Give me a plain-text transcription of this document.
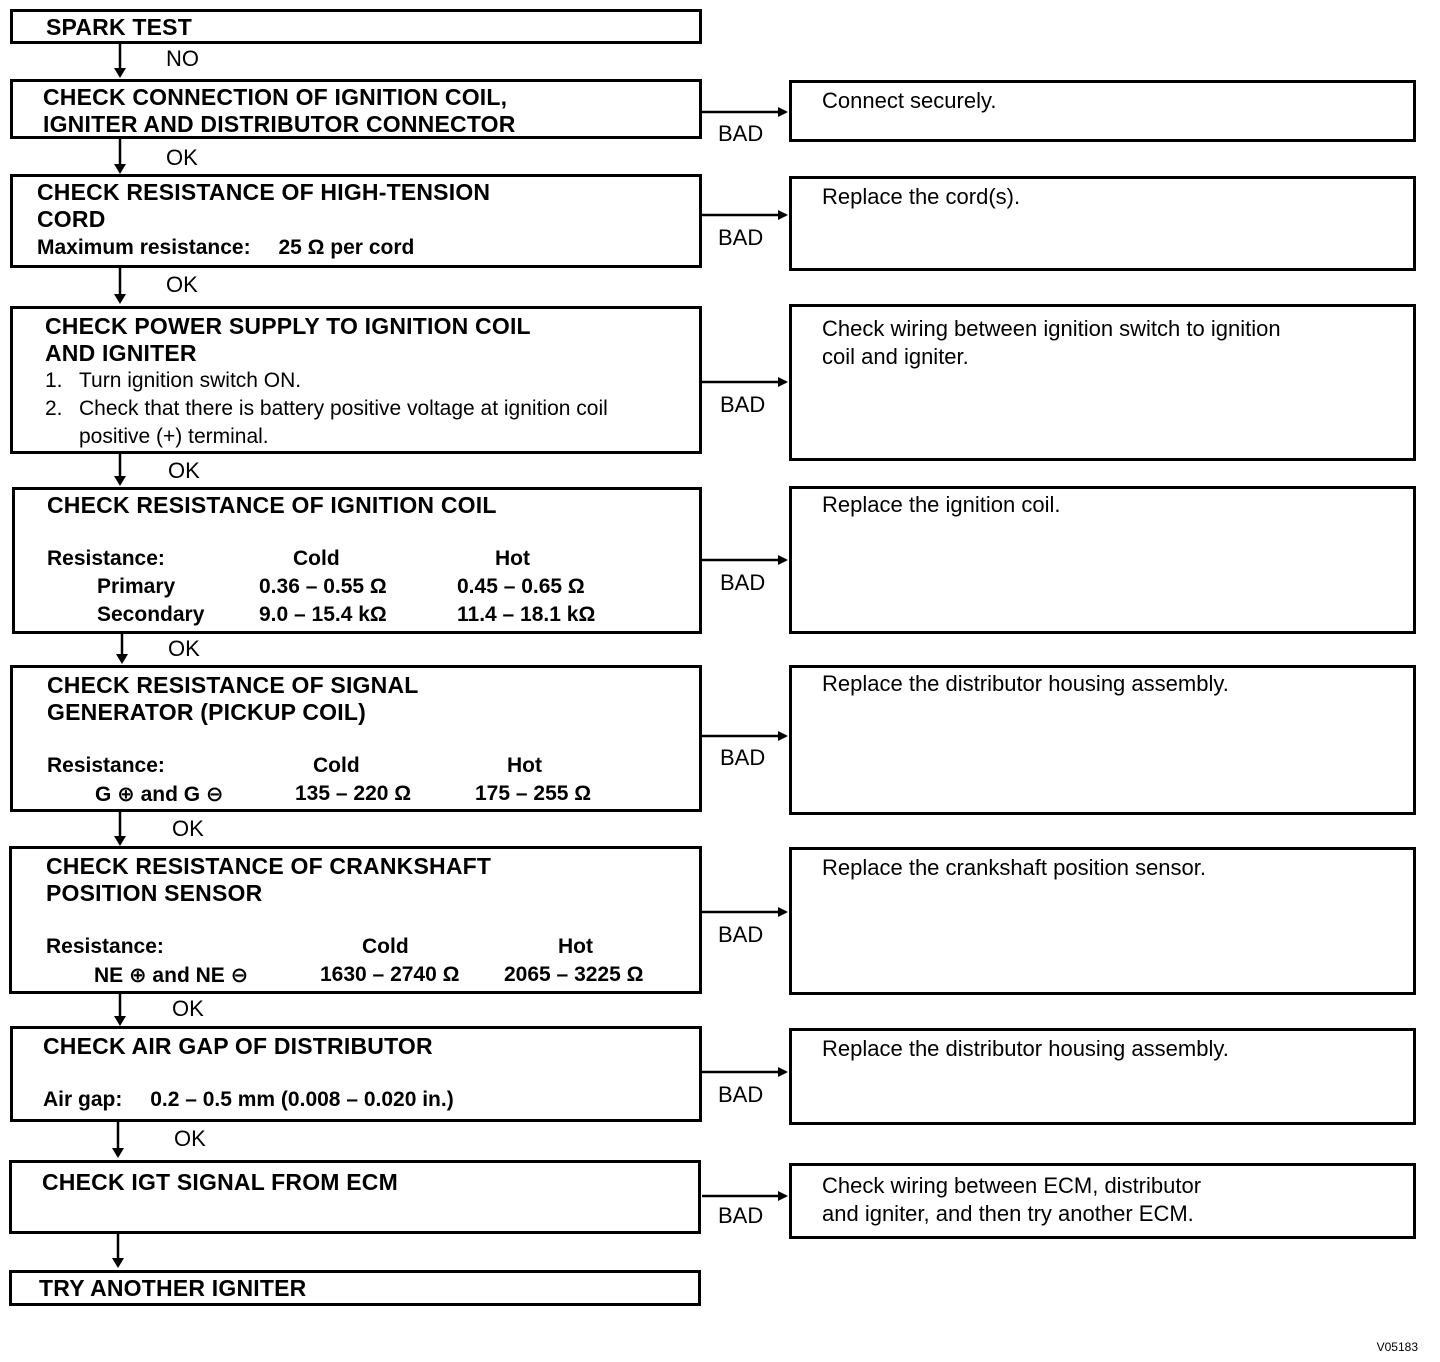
SPARK TEST
NO
CHECK CONNECTION OF IGNITION COIL,
IGNITER AND DISTRIBUTOR CONNECTOR	BAD
Connect securely.
OK
CHECK RESISTANCE OF HIGH-TENSION
CORD
Maximum resistance: 25 Ω per cord	BAD
Replace the cord(s).
OK
CHECK POWER SUPPLY TO IGNITION COIL
AND IGNITER
1. Turn ignition switch ON.
2. Check that there is battery positive voltage at ignition coil positive (+) terminal.
BAD
Check wiring between ignition switch to ignition
coil and igniter.
OK
CHECK RESISTANCE OF IGNITION COIL
Resistance:	Cold	Hot
Primary	0.36 – 0.55 Ω	0.45 – 0.65 Ω
Secondary	9.0 – 15.4 kΩ	11.4 – 18.1 kΩ
BAD
Replace the ignition coil.
OK
CHECK RESISTANCE OF SIGNAL
GENERATOR (PICKUP COIL)
Resistance:	Cold	Hot
G ⊕ and G ⊖	135 – 220 Ω	175 – 255 Ω
BAD
Replace the distributor housing assembly.
OK
CHECK RESISTANCE OF CRANKSHAFT
POSITION SENSOR
Resistance:	Cold	Hot
NE ⊕ and NE ⊖	1630 – 2740 Ω 2065 – 3225 Ω
BAD
Replace the crankshaft position sensor.
OK
CHECK AIR GAP OF DISTRIBUTOR
Air gap: 0.2 – 0.5 mm (0.008 – 0.020 in.)	BAD
Replace the distributor housing assembly.
OK
CHECK IGT SIGNAL FROM ECM
BAD
Check wiring between ECM, distributor
and igniter, and then try another ECM.
TRY ANOTHER IGNITER
V05183
